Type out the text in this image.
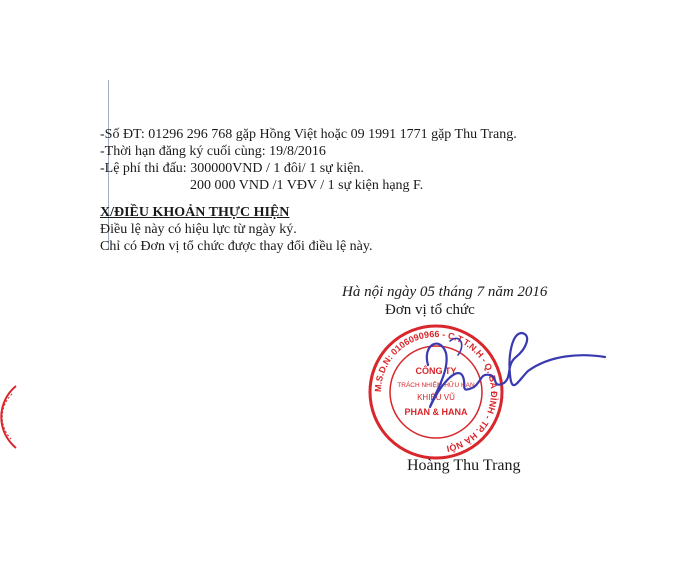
-Số ĐT: 01296 296 768 gặp Hồng Việt hoặc 09 1991 1771 gặp Thu Trang.
-Thời hạn đăng ký cuối cùng: 19/8/2016
-Lệ phí thi đấu: 300000VND / 1 đôi/ 1 sự kiện.
200 000 VND /1 VĐV / 1 sự kiện hạng F.
X/ĐIỀU KHOẢN THỰC HIỆN
Điều lệ này có hiệu lực từ ngày ký.
Chỉ có Đơn vị tổ chức được thay đổi điều lệ này.
Hà nội ngày 05 tháng 7 năm 2016
Đơn vị tổ chức
M.S.D.N: 0106090966 - C.T.T.N.H - Q. BA ĐÌNH - TP. HÀ NỘI
CÔNG TY
TRÁCH NHIỆM HỮU HẠN
KHIÊU VŨ
PHAN & HANA
Hoàng Thu Trang
